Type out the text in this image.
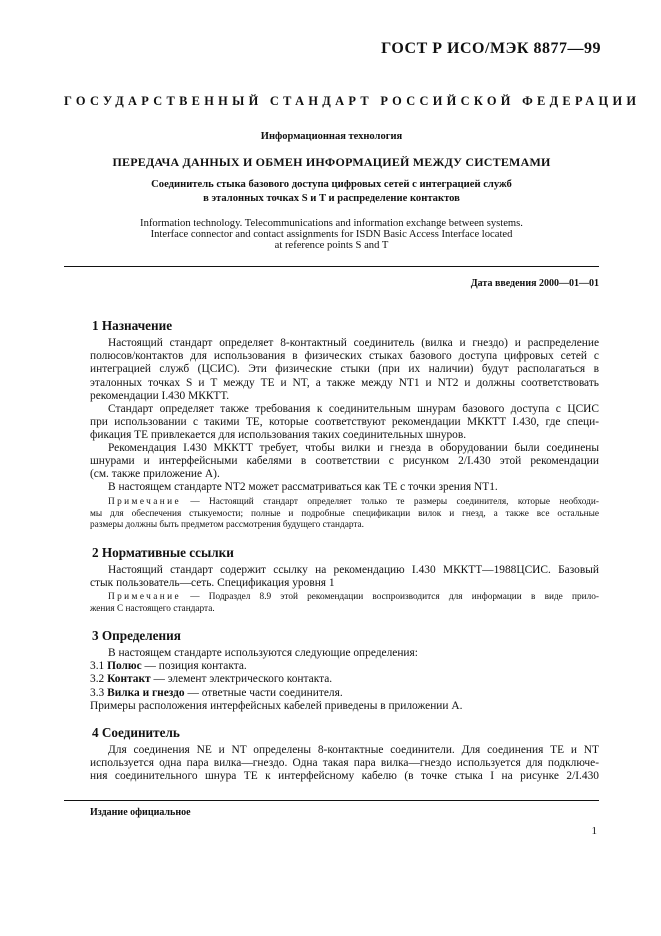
ГОСТ Р ИСО/МЭК 8877—99
ГОСУДАРСТВЕННЫЙ СТАНДАРТ РОССИЙСКОЙ ФЕДЕРАЦИИ
Информационная технология
ПЕРЕДАЧА ДАННЫХ И ОБМЕН ИНФОРМАЦИЕЙ МЕЖДУ СИСТЕМАМИ
Соединитель стыка базового доступа цифровых сетей с интеграцией служб
в эталонных точках S и T и распределение контактов
Information technology. Telecommunications and information exchange between systems.
Interface connector and contact assignments for ISDN Basic Access Interface located
at reference points S and T
Дата введения 2000—01—01
1 Назначение
Настоящий стандарт определяет 8-контактный соединитель (вилка и гнездо) и распределение
полюсов/контактов для использования в физических стыках базового доступа цифровых сетей с
интеграцией служб (ЦСИС). Эти физические стыки (при их наличии) будут располагаться в
эталонных точках S и T между TE и NT, а также между NT1 и NT2 и должны соответствовать
рекомендации I.430 МККТТ.
Стандарт определяет также требования к соединительным шнурам базового доступа с ЦСИС
при использовании с такими TE, которые соответствуют рекомендации МККТТ I.430, где специ-
фикация TE привлекается для использования таких соединительных шнуров.
Рекомендация I.430 МККТТ требует, чтобы вилки и гнезда в оборудовании были соединены
шнурами и интерфейсными кабелями в соответствии с рисунком 2/I.430 этой рекомендации
(см. также приложение А).
В настоящем стандарте NT2 может рассматриваться как TE с точки зрения NT1.
Примечание — Настоящий стандарт определяет только те размеры соединителя, которые необходи-
мы для обеспечения стыкуемости; полные и подробные спецификации вилок и гнезд, а также все остальные
размеры должны быть предметом рассмотрения будущего стандарта.
2 Нормативные ссылки
Настоящий стандарт содержит ссылку на рекомендацию I.430 МККТТ—1988ЦСИС. Базовый
стык пользователь—сеть. Спецификация уровня 1
Примечание — Подраздел 8.9 этой рекомендации воспроизводится для информации в виде прило-
жения С настоящего стандарта.
3 Определения
В настоящем стандарте используются следующие определения:
3.1 Полюс — позиция контакта.
3.2 Контакт — элемент электрического контакта.
3.3 Вилка и гнездо — ответные части соединителя.
Примеры расположения интерфейсных кабелей приведены в приложении А.
4 Соединитель
Для соединения NE и NT определены 8-контактные соединители. Для соединения TE и NT
используется одна пара вилка—гнездо. Одна такая пара вилка—гнездо используется для подключе-
ния соединительного шнура TE к интерфейсному кабелю (в точке стыка I на рисунке 2/I.430
Издание официальное
1
